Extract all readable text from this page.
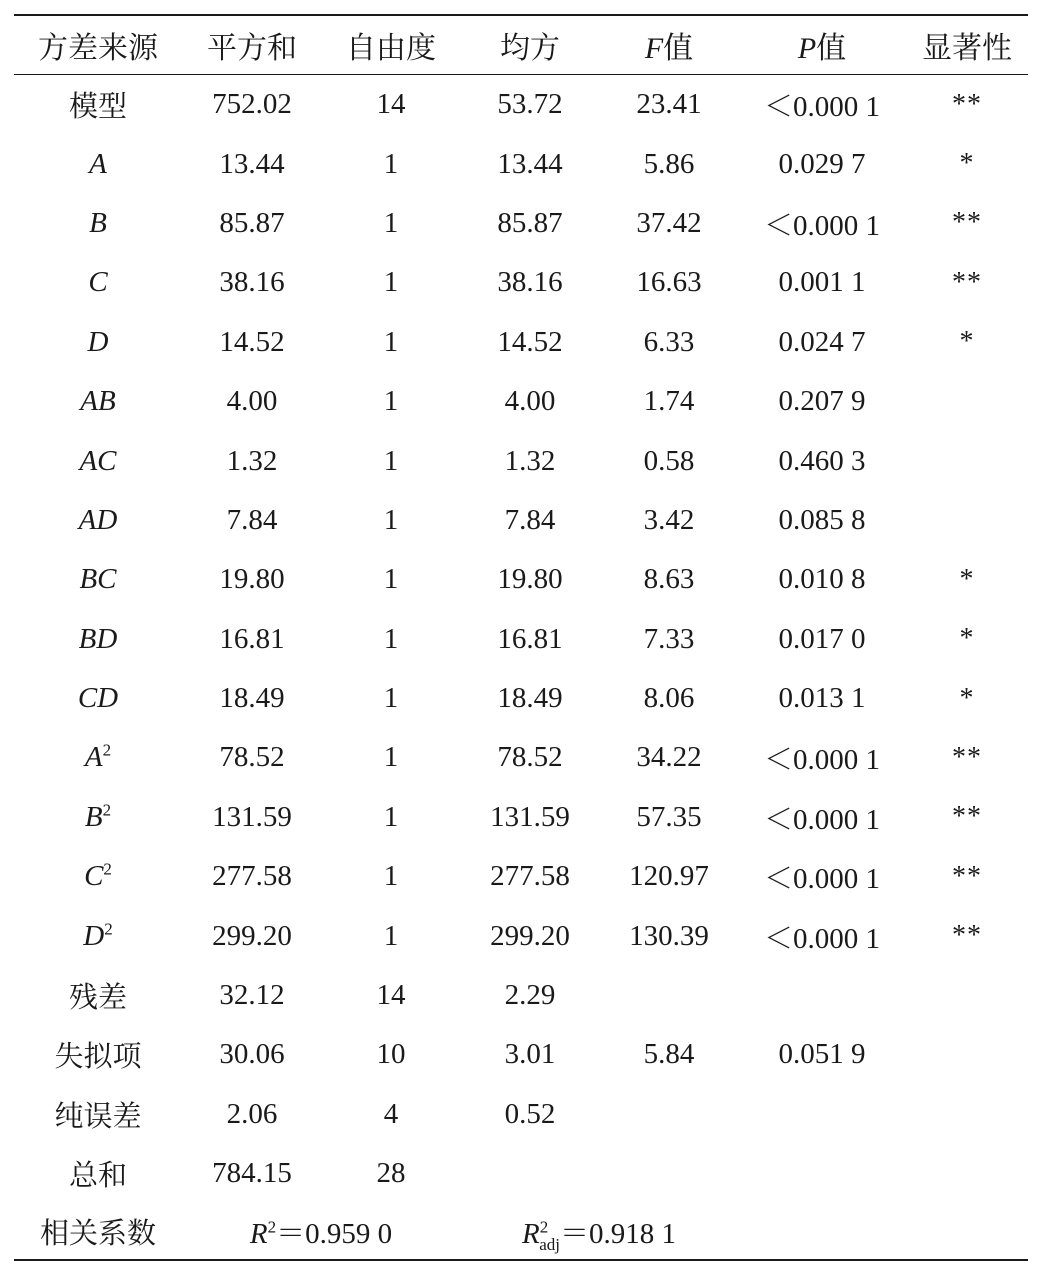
方差来源	平方和	自由度	均方	F值	P值	显著性
模型	752.02	14	53.72	23.41	＜0.000 1	**
A	13.44	1	13.44	5.86	0.029 7	*
B	85.87	1	85.87	37.42	＜0.000 1	**
C	38.16	1	38.16	16.63	0.001 1	**
D	14.52	1	14.52	6.33	0.024 7	*
AB	4.00	1	4.00	1.74	0.207 9	
AC	1.32	1	1.32	0.58	0.460 3	
AD	7.84	1	7.84	3.42	0.085 8	
BC	19.80	1	19.80	8.63	0.010 8	*
BD	16.81	1	16.81	7.33	0.017 0	*
CD	18.49	1	18.49	8.06	0.013 1	*
$A^2$	78.52	1	78.52	34.22	＜0.000 1	**
$B^2$	131.59	1	131.59	57.35	＜0.000 1	**
$C^2$	277.58	1	277.58	120.97	＜0.000 1	**
$D^2$	299.20	1	299.20	130.39	＜0.000 1	**
残差	32.12	14	2.29			
失拟项	30.06	10	3.01	5.84	0.051 9	
纯误差	2.06	4	0.52			
总和	784.15	28				
相关系数	$R^2=0.959$ 0		$R^2_{adj}=0.918$ 1			
